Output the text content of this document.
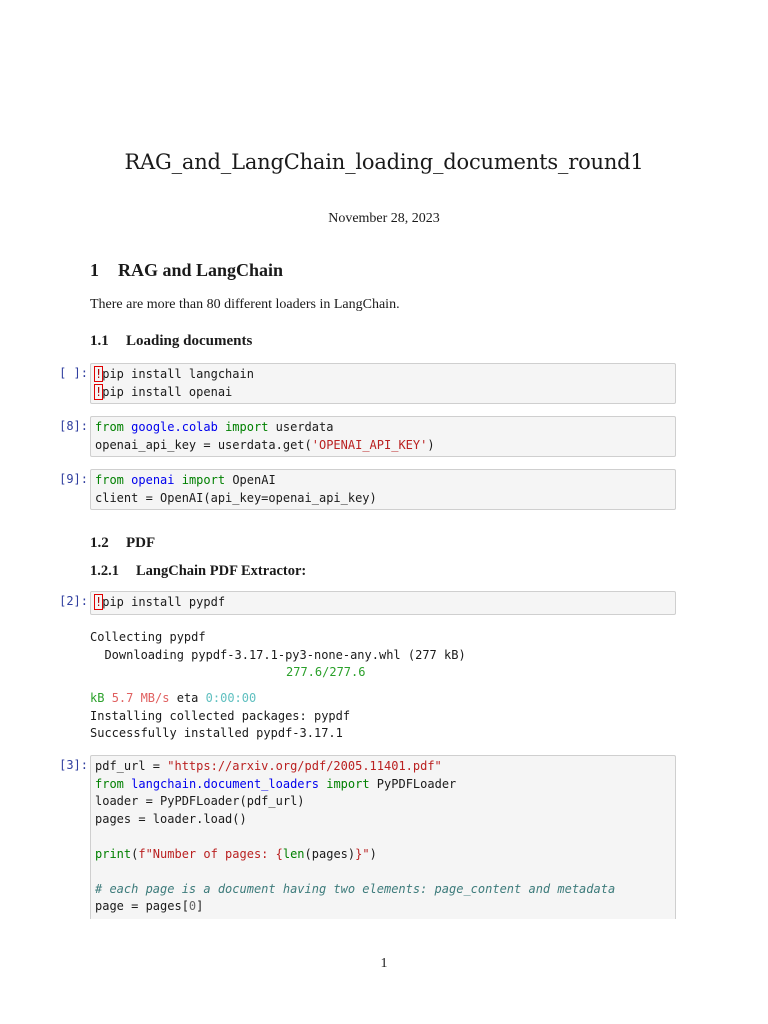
RAG_and_LangChain_loading_documents_round1
November 28, 2023
1 RAG and LangChain
There are more than 80 different loaders in LangChain.
1.1 Loading documents
[ ]: !pip install langchain
!pip install openai
[8]: from google.colab import userdata
openai_api_key = userdata.get('OPENAI_API_KEY')
[9]: from openai import OpenAI
client = OpenAI(api_key=openai_api_key)
1.2 PDF
1.2.1 LangChain PDF Extractor:
[2]: !pip install pypdf
Collecting pypdf
Downloading pypdf-3.17.1-py3-none-any.whl (277 kB)
277.6/277.6
kB 5.7 MB/s eta 0:00:00
Installing collected packages: pypdf
Successfully installed pypdf-3.17.1
[3]: pdf_url = "https://arxiv.org/pdf/2005.11401.pdf"
from langchain.document_loaders import PyPDFLoader
loader = PyPDFLoader(pdf_url)
pages = loader.load()
print(f"Number of pages: {len(pages)}")
# each page is a document having two elements: page_content and metadata
page = pages[0]
1
